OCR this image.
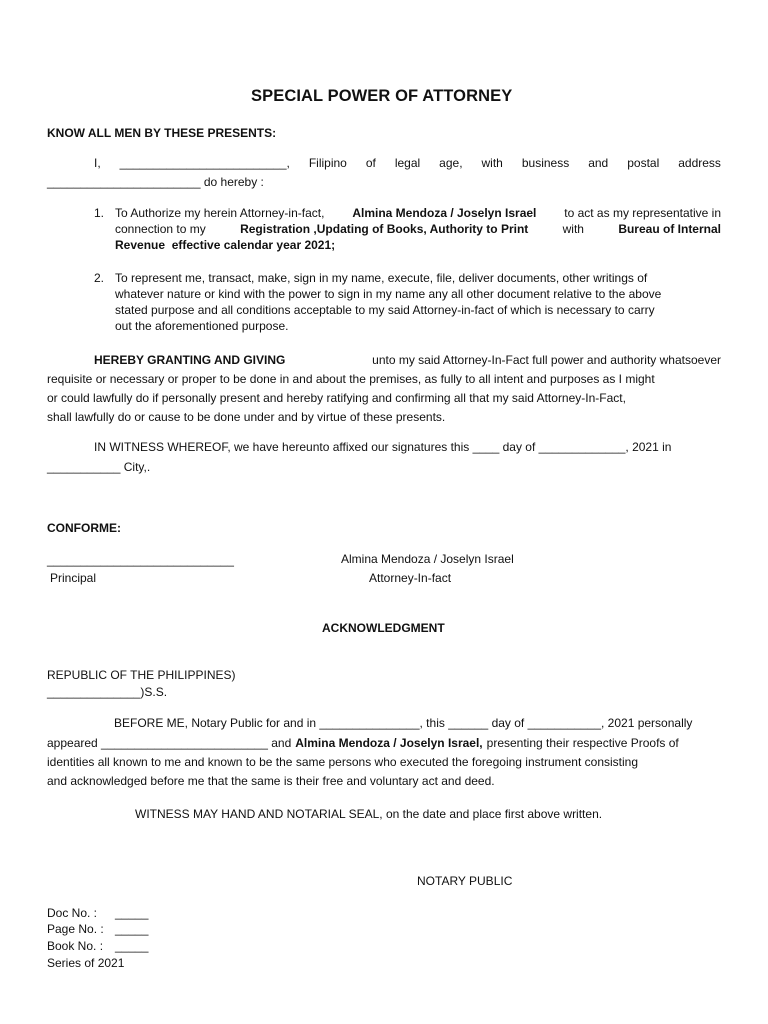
SPECIAL POWER OF ATTORNEY
KNOW ALL MEN BY THESE PRESENTS:
I, _________________________, Filipino of legal age, with business and postal address
_______________________ do hereby :
1. To Authorize my herein Attorney-in-fact, Almina Mendoza / Joselyn Israel to act as my representative in
connection to my	Registration ,Updating of Books, Authority to Print	with	Bureau of Internal
Revenue effective calendar year 2021;
2. To represent me, transact, make, sign in my name, execute, file, deliver documents, other writings of
whatever nature or kind with the power to sign in my name any all other document relative to the above
stated purpose and all conditions acceptable to my said Attorney-in-fact of which is necessary to carry
out the aforementioned purpose.
HEREBY GRANTING AND GIVING	unto my said Attorney-In-Fact full power and authority whatsoever
requisite or necessary or proper to be done in and about the premises, as fully to all intent and purposes as I might
or could lawfully do if personally present and hereby ratifying and confirming all that my said Attorney-In-Fact,
shall lawfully do or cause to be done under and by virtue of these presents.
IN WITNESS WHEREOF, we have hereunto affixed our signatures this ____ day of _____________, 2021 in
___________ City,.
CONFORME:
____________________________
Principal
Almina Mendoza / Joselyn Israel
Attorney-In-fact
ACKNOWLEDGMENT
REPUBLIC OF THE PHILIPPINES)
______________)S.S.
BEFORE ME, Notary Public for and in _______________, this ______ day of ___________, 2021 personally
appeared _________________________ and Almina Mendoza / Joselyn Israel, presenting their respective Proofs of
identities all known to me and known to be the same persons who executed the foregoing instrument consisting
and acknowledged before me that the same is their free and voluntary act and deed.
WITNESS MAY HAND AND NOTARIAL SEAL, on the date and place first above written.
NOTARY PUBLIC
Doc No. : _____
Page No. : _____
Book No. : _____
Series of 2021
